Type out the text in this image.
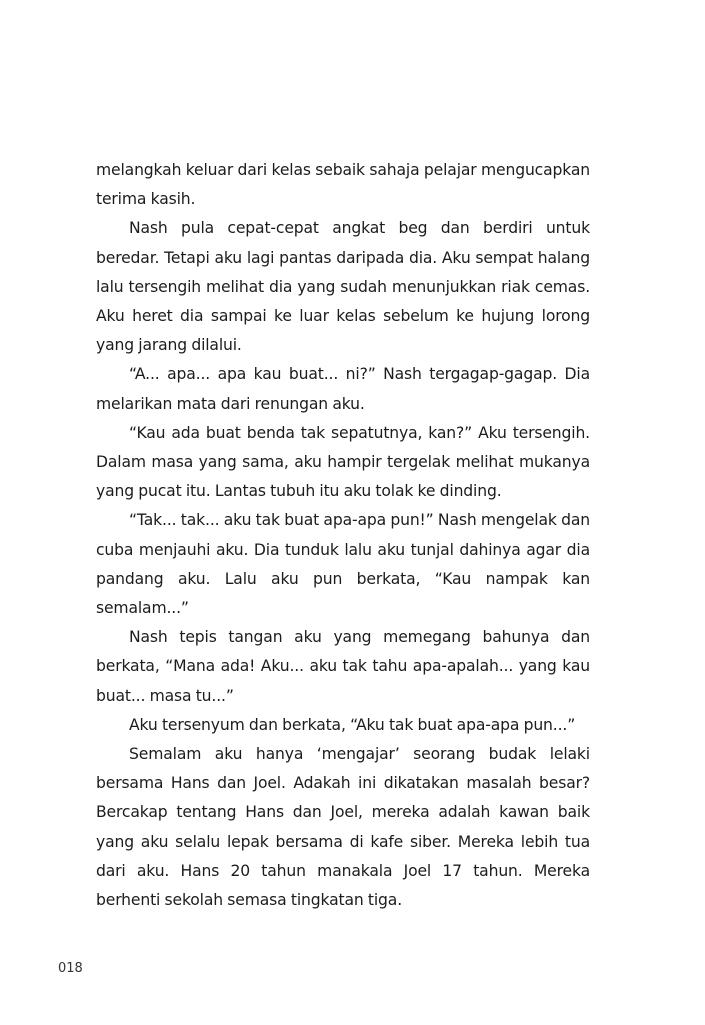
melangkah keluar dari kelas sebaik sahaja pelajar mengucapkan terima kasih.

Nash pula cepat-cepat angkat beg dan berdiri untuk beredar. Tetapi aku lagi pantas daripada dia. Aku sempat halang lalu tersengih melihat dia yang sudah menunjukkan riak cemas. Aku heret dia sampai ke luar kelas sebelum ke hujung lorong yang jarang dilalui.

“A... apa... apa kau buat... ni?” Nash tergagap-gagap. Dia melarikan mata dari renungan aku.

“Kau ada buat benda tak sepatutnya, kan?” Aku tersengih. Dalam masa yang sama, aku hampir tergelak melihat mukanya yang pucat itu. Lantas tubuh itu aku tolak ke dinding.

“Tak... tak... aku tak buat apa-apa pun!” Nash mengelak dan cuba menjauhi aku. Dia tunduk lalu aku tunjal dahinya agar dia pandang aku. Lalu aku pun berkata, “Kau nampak kan semalam...”

Nash tepis tangan aku yang memegang bahunya dan berkata, “Mana ada! Aku... aku tak tahu apa-apalah... yang kau buat... masa tu...”

Aku tersenyum dan berkata, “Aku tak buat apa-apa pun...”

Semalam aku hanya ‘mengajar’ seorang budak lelaki bersama Hans dan Joel. Adakah ini dikatakan masalah besar? Bercakap tentang Hans dan Joel, mereka adalah kawan baik yang aku selalu lepak bersama di kafe siber. Mereka lebih tua dari aku. Hans 20 tahun manakala Joel 17 tahun. Mereka berhenti sekolah semasa tingkatan tiga.

018
